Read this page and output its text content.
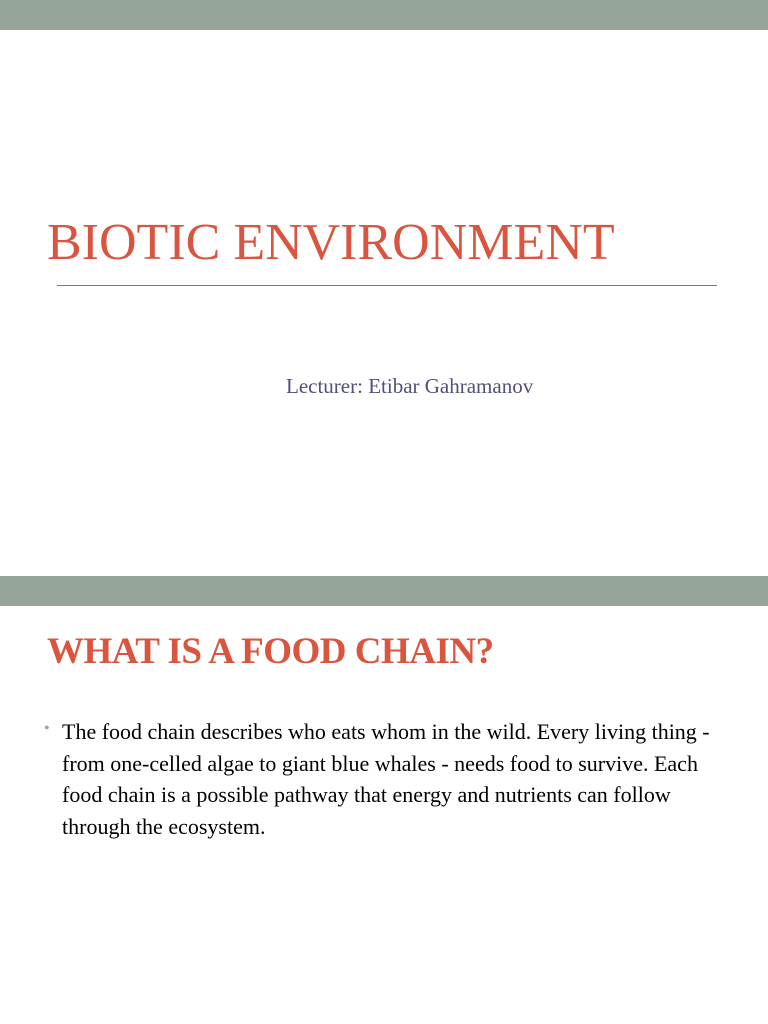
BIOTIC ENVIRONMENT
Lecturer: Etibar Gahramanov
WHAT IS A FOOD CHAIN?
• The food chain describes who eats whom in the wild. Every living thing - from one-celled algae to giant blue whales - needs food to survive. Each food chain is a possible pathway that energy and nutrients can follow through the ecosystem.
